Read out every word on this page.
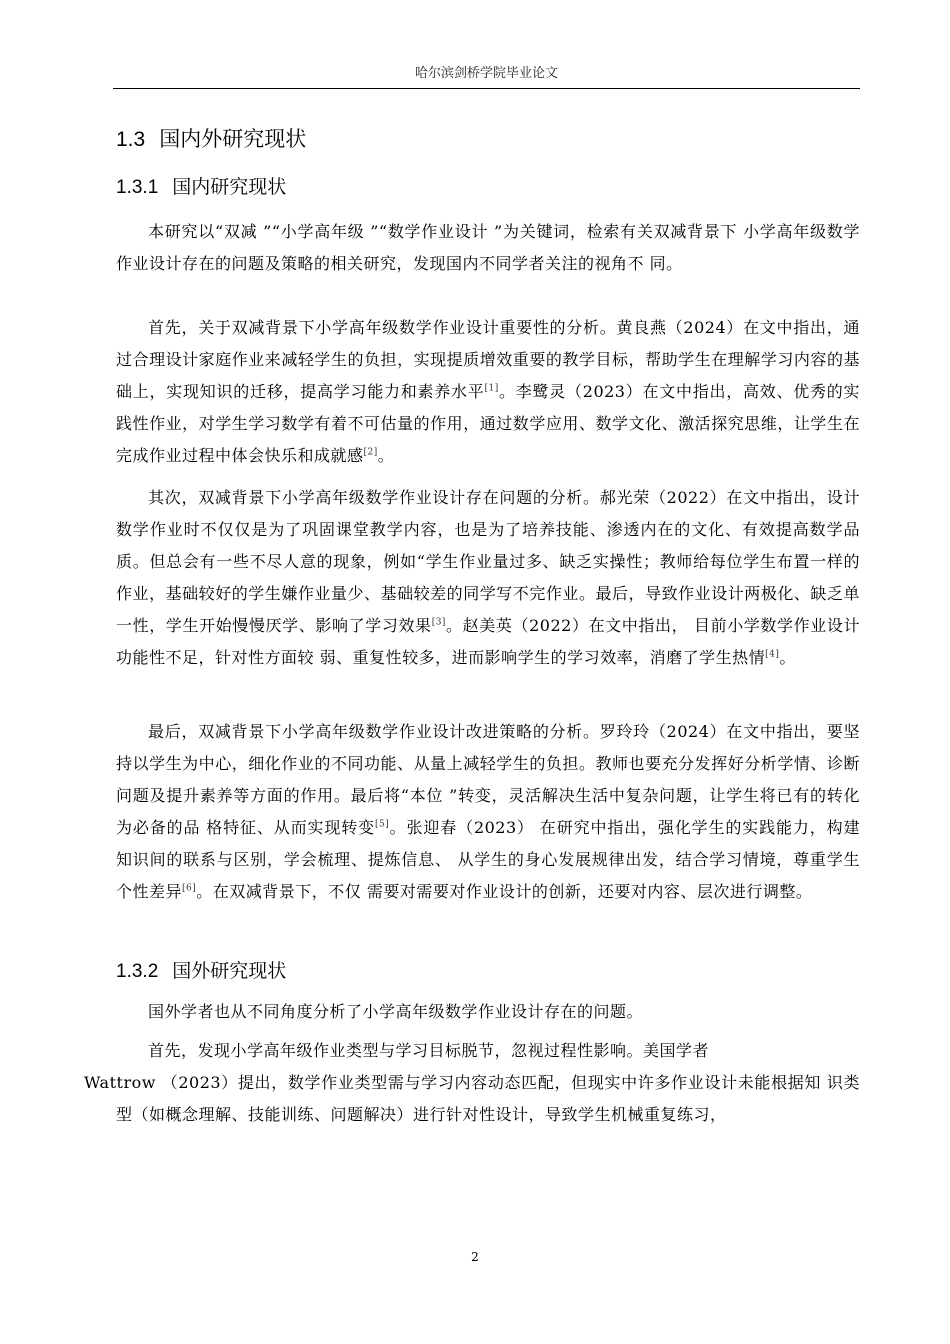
哈尔滨剑桥学院毕业论文
1.3 国内外研究现状
1.3.1 国内研究现状

本研究以“双减 ”“小学高年级 ”“数学作业设计 ”为关键词，检索有关双减背景下 小学高年级数学作业设计存在的问题及策略的相关研究，发现国内不同学者关注的视角不 同。

首先，关于双减背景下小学高年级数学作业设计重要性的分析。黄良燕（2024）在文中指出，通过合理设计家庭作业来减轻学生的负担，实现提质增效重要的教学目标，帮助学生在理解学习内容的基础上，实现知识的迁移，提高学习能力和素养水平[1]。李鹭灵（2023）在文中指出，高效、优秀的实践性作业，对学生学习数学有着不可估量的作用，通过数学应用、数学文化、激活探究思维，让学生在完成作业过程中体会快乐和成就感[2]。

其次，双减背景下小学高年级数学作业设计存在问题的分析。郝光荣（2022）在文中指出，设计数学作业时不仅仅是为了巩固课堂教学内容，也是为了培养技能、渗透内在的文化、有效提高数学品质。但总会有一些不尽人意的现象，例如“学生作业量过多、缺乏实操性；教师给每位学生布置一样的作业，基础较好的学生嫌作业量少、基础较差的同学写不完作业。最后，导致作业设计两极化、缺乏单一性，学生开始慢慢厌学、影响了学习效果[3]。赵美英（2022）在文中指出， 目前小学数学作业设计功能性不足，针对性方面较 弱、重复性较多，进而影响学生的学习效率，消磨了学生热情[4]。

最后，双减背景下小学高年级数学作业设计改进策略的分析。罗玲玲（2024）在文中指出，要坚持以学生为中心，细化作业的不同功能、从量上减轻学生的负担。教师也要充分发挥好分析学情、诊断问题及提升素养等方面的作用。最后将“本位 ”转变，灵活解决生活中复杂问题，让学生将已有的转化为必备的品 格特征、从而实现转变[5]。张迎春（2023） 在研究中指出，强化学生的实践能力，构建知识间的联系与区别，学会梳理、提炼信息、 从学生的身心发展规律出发，结合学习情境，尊重学生个性差异[6]。在双减背景下，不仅 需要对需要对作业设计的创新，还要对内容、层次进行调整。

1.3.2 国外研究现状

国外学者也从不同角度分析了小学高年级数学作业设计存在的问题。

首先，发现小学高年级作业类型与学习目标脱节，忽视过程性影响。美国学者
Wattrow （2023）提出，数学作业类型需与学习内容动态匹配，但现实中许多作业设计未能根据知 识类型（如概念理解、技能训练、问题解决）进行针对性设计，导致学生机械重复练习，

2
